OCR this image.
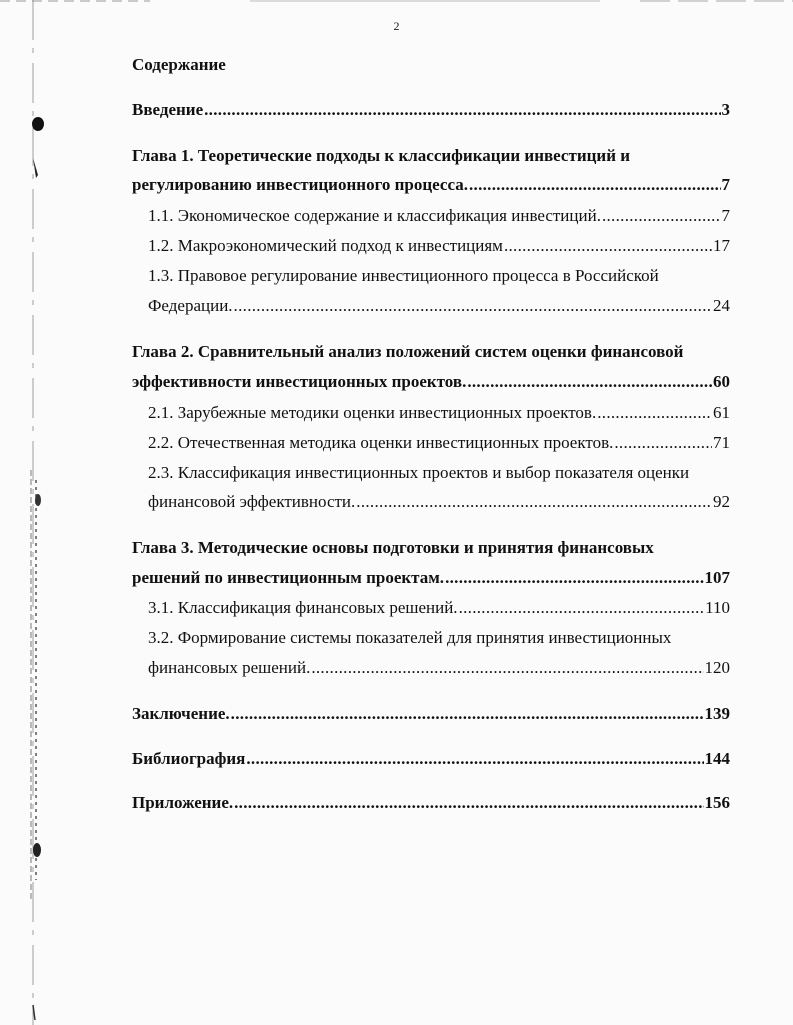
2
Содержание
Введение .....	3
Глава 1. Теоретические подходы к классификации инвестиций и
регулированию инвестиционного процесса. .....	7
1.1. Экономическое содержание и классификация инвестиций. .....	7
1.2. Макроэкономический подход к инвестициям .....	17
1.3. Правовое регулирование инвестиционного процесса в Российской
Федерации. .....	24
Глава 2. Сравнительный анализ положений систем оценки финансовой
эффективности инвестиционных проектов. .....	60
2.1. Зарубежные методики оценки инвестиционных проектов. .....	61
2.2. Отечественная методика оценки инвестиционных проектов. .....	71
2.3. Классификация инвестиционных проектов и выбор показателя оценки
финансовой эффективности. .....	92
Глава 3. Методические основы подготовки и принятия финансовых
решений по инвестиционным проектам. .....	107
3.1. Классификация финансовых решений. .....	110
3.2. Формирование системы показателей для принятия инвестиционных
финансовых решений. .....	120
Заключение. .....	139
Библиография .....	144
Приложение. .....	156
